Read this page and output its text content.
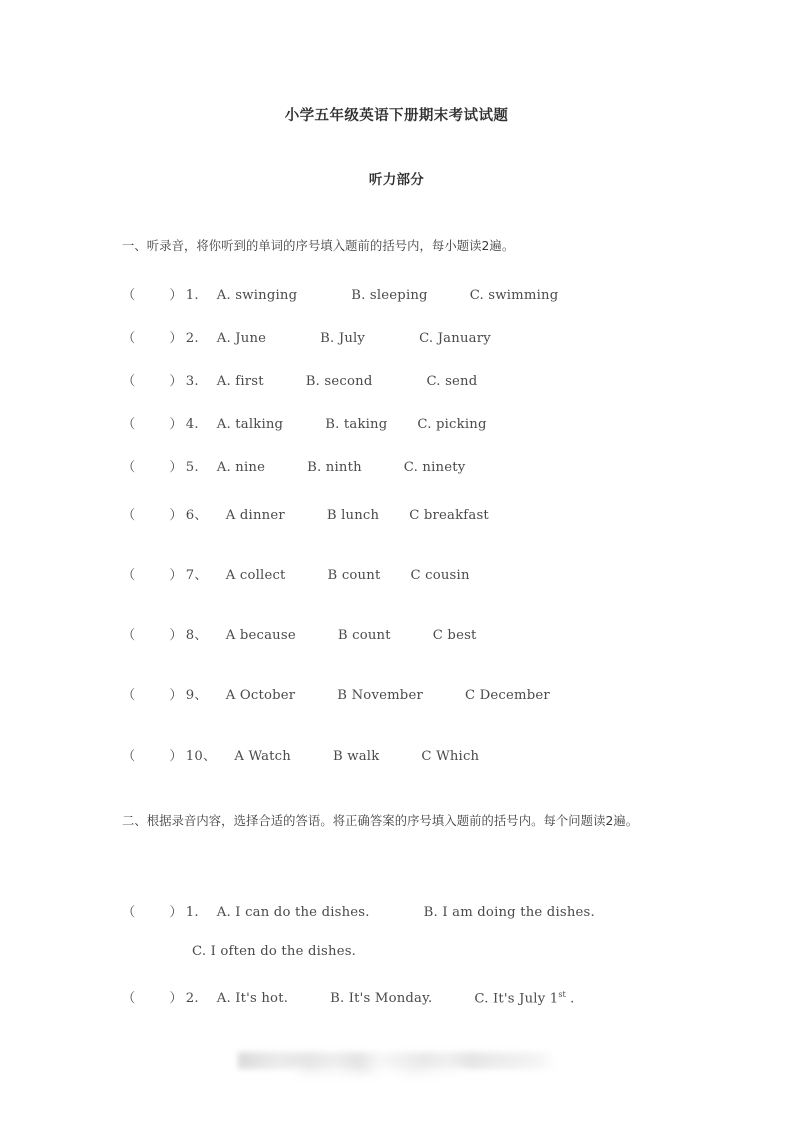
小学五年级英语下册期末考试试题
听力部分
一、听录音，将你听到的单词的序号填入题前的括号内，每小题读2遍。
（	） 1. A. swinging	B. sleeping	C. swimming
（	） 2. A. June	B. July	C. January
（	） 3. A. first	B. second	C. send
（	） 4. A. talking	B. taking C. picking
（	） 5. A. nine	B. ninth	C. ninety
（	） 6、 A dinner	B lunch C breakfast
（	） 7、 A collect	B count C cousin
（	） 8、 A because	B count	C best
（	） 9、 A October	B November	C December
（	） 10、 A Watch	B walk	C Which
二、根据录音内容，选择合适的答语。将正确答案的序号填入题前的括号内。每个问题读2遍。
（	） 1. A. I can do the dishes.	B. I am doing the dishes.
C. I often do the dishes.
（	） 2. A. It's hot.	B. It's Monday.	C. It's July 1st .
